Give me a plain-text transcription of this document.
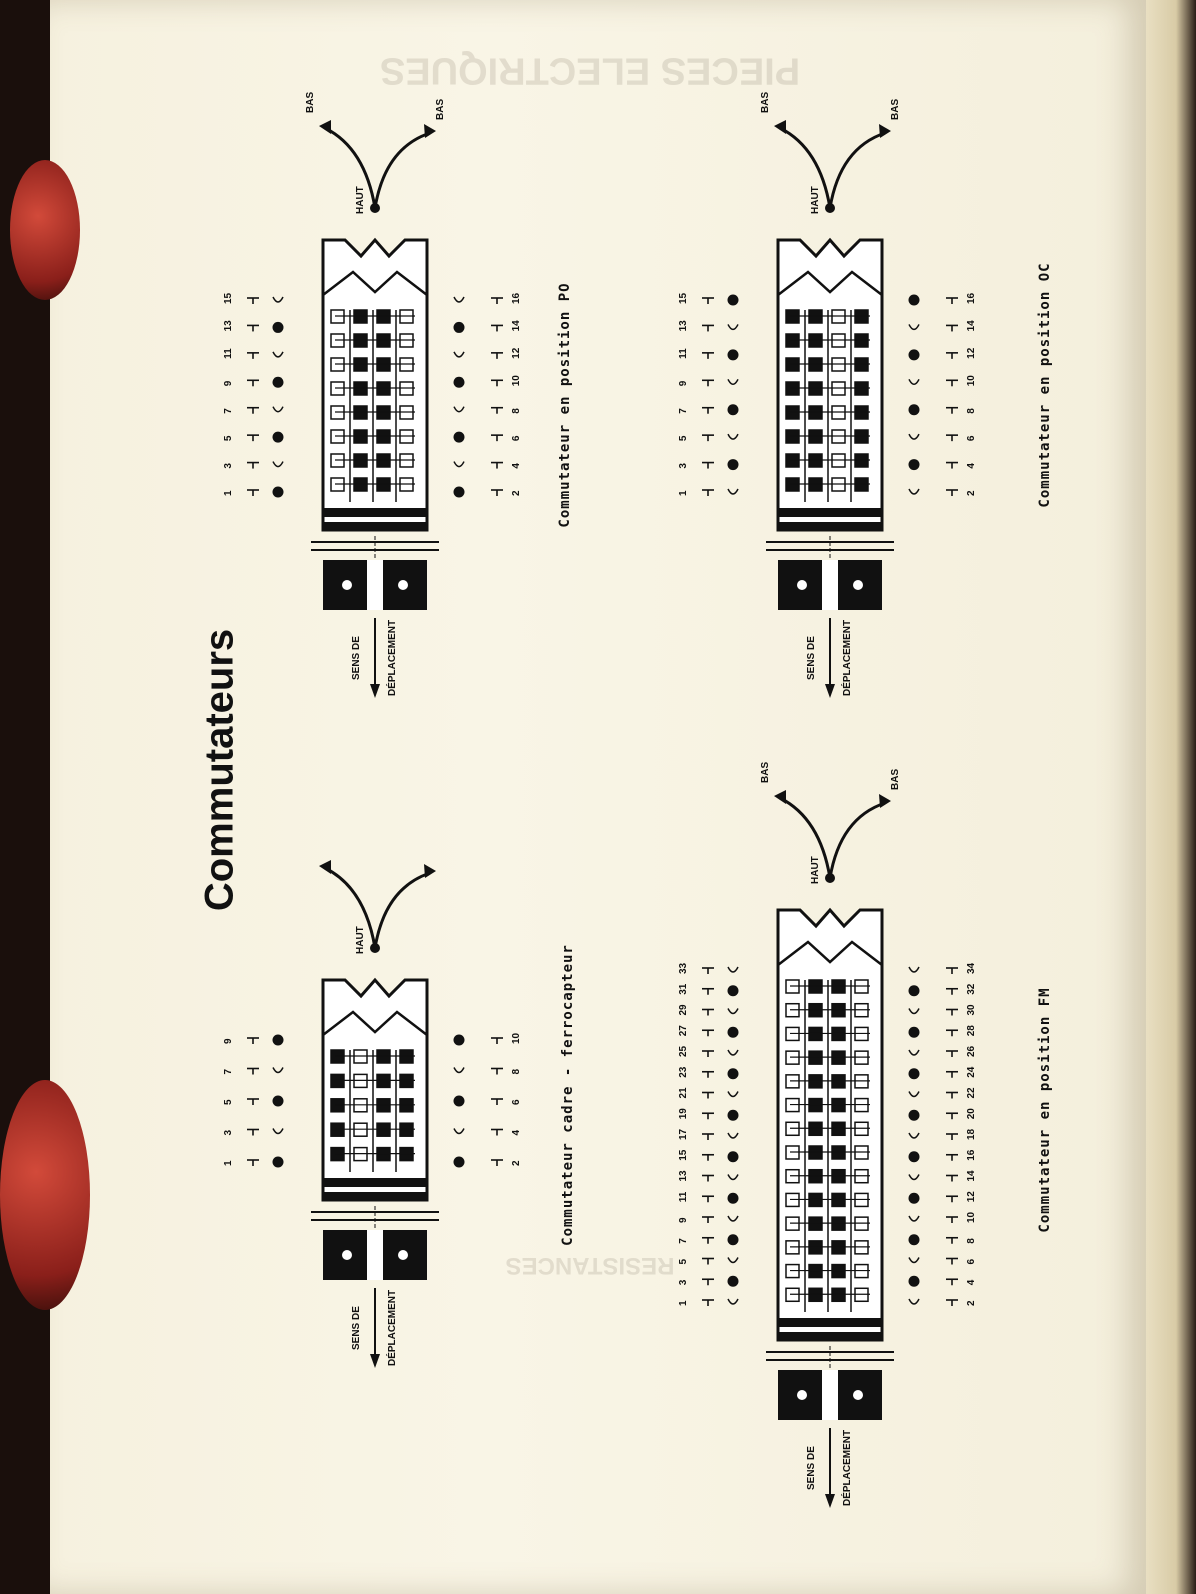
PIECES ELECTRIQUES
RESISTANCES
Commutateurs
HAUT
BAS	BAS
SENS DE	DÉPLACEMENT
1
3
5
7
9
11
13
15
2
4
6
8
10
12
14
16
HAUT
BAS	BAS
SENS DE	DÉPLACEMENT
1
3
5
7
9
11
13
15
2
4
6
8
10
12
14
16
HAUT
SENS DE	DÉPLACEMENT
1
3
5
7
9
2
4
6
8
10
HAUT
BAS	BAS
SENS DE	DÉPLACEMENT
1
3
5
7
9
11
13
15
17
19
21
23
25
27
29
31
33
2
4
6
8
10
12
14
16
18
20
22
24
26
28
30
32
34
Commutateur en position PO	Commutateur en position OC
Commutateur cadre - ferrocapteur	Commutateur en position FM
